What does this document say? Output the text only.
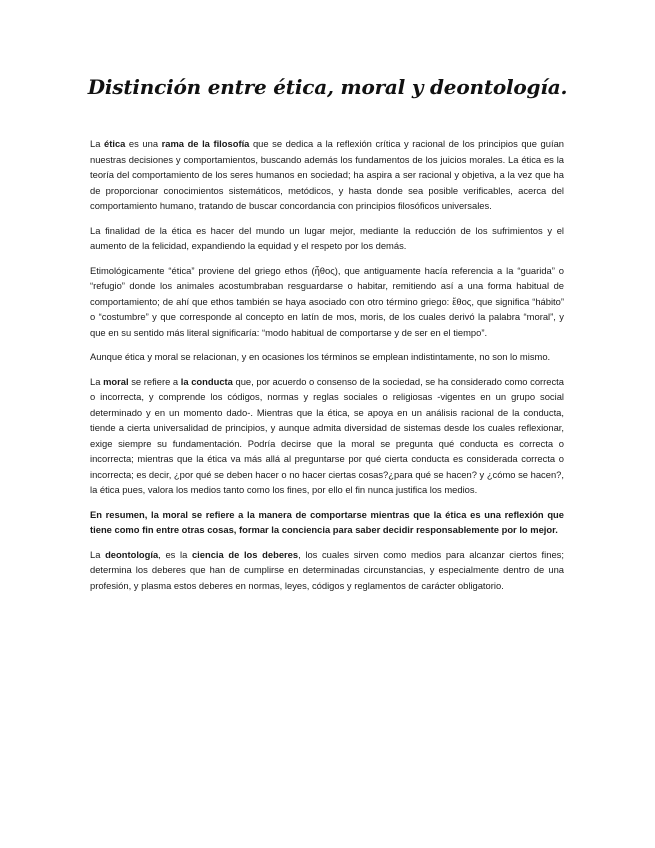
Distinción entre ética, moral y deontología.

La ética es una rama de la filosofía que se dedica a la reflexión crítica y racional de los principios que guían nuestras decisiones y comportamientos, buscando además los fundamentos de los juicios morales. La ética es la teoría del comportamiento de los seres humanos en sociedad; ha aspira a ser racional y objetiva, a la vez que ha de proporcionar conocimientos sistemáticos, metódicos, y hasta donde sea posible verificables, acerca del comportamiento humano, tratando de buscar concordancia con principios filosóficos universales.

La finalidad de la ética es hacer del mundo un lugar mejor, mediante la reducción de los sufrimientos y el aumento de la felicidad, expandiendo la equidad y el respeto por los demás.

Etimológicamente “ética” proviene del griego ethos (ἦθος), que antiguamente hacía referencia a la “guarida” o “refugio” donde los animales acostumbraban resguardarse o habitar, remitiendo así a una forma habitual de comportamiento; de ahí que ethos también se haya asociado con otro término griego: ἔθος, que significa “hábito” o “costumbre” y que corresponde al concepto en latín de mos, moris, de los cuales derivó la palabra “moral”, y que en su sentido más literal significaría: “modo habitual de comportarse y de ser en el tiempo”.

Aunque ética y moral se relacionan, y en ocasiones los términos se emplean indistintamente, no son lo mismo.

La moral se refiere a la conducta que, por acuerdo o consenso de la sociedad, se ha considerado como correcta o incorrecta, y comprende los códigos, normas y reglas sociales o religiosas -vigentes en un grupo social determinado y en un momento dado-. Mientras que la ética, se apoya en un análisis racional de la conducta, tiende a cierta universalidad de principios, y aunque admita diversidad de sistemas desde los cuales reflexionar, exige siempre su fundamentación. Podría decirse que la moral se pregunta qué conducta es correcta o incorrecta; mientras que la ética va más allá al preguntarse por qué cierta conducta es considerada correcta o incorrecta; es decir, ¿por qué se deben hacer o no hacer ciertas cosas?¿para qué se hacen? y ¿cómo se hacen?, la ética pues, valora los medios tanto como los fines, por ello el fin nunca justifica los medios.

En resumen, la moral se refiere a la manera de comportarse mientras que la ética es una reflexión que tiene como fin entre otras cosas, formar la conciencia para saber decidir responsablemente por lo mejor.

La deontología, es la ciencia de los deberes, los cuales sirven como medios para alcanzar ciertos fines; determina los deberes que han de cumplirse en determinadas circunstancias, y especialmente dentro de una profesión, y plasma estos deberes en normas, leyes, códigos y reglamentos de carácter obligatorio.
